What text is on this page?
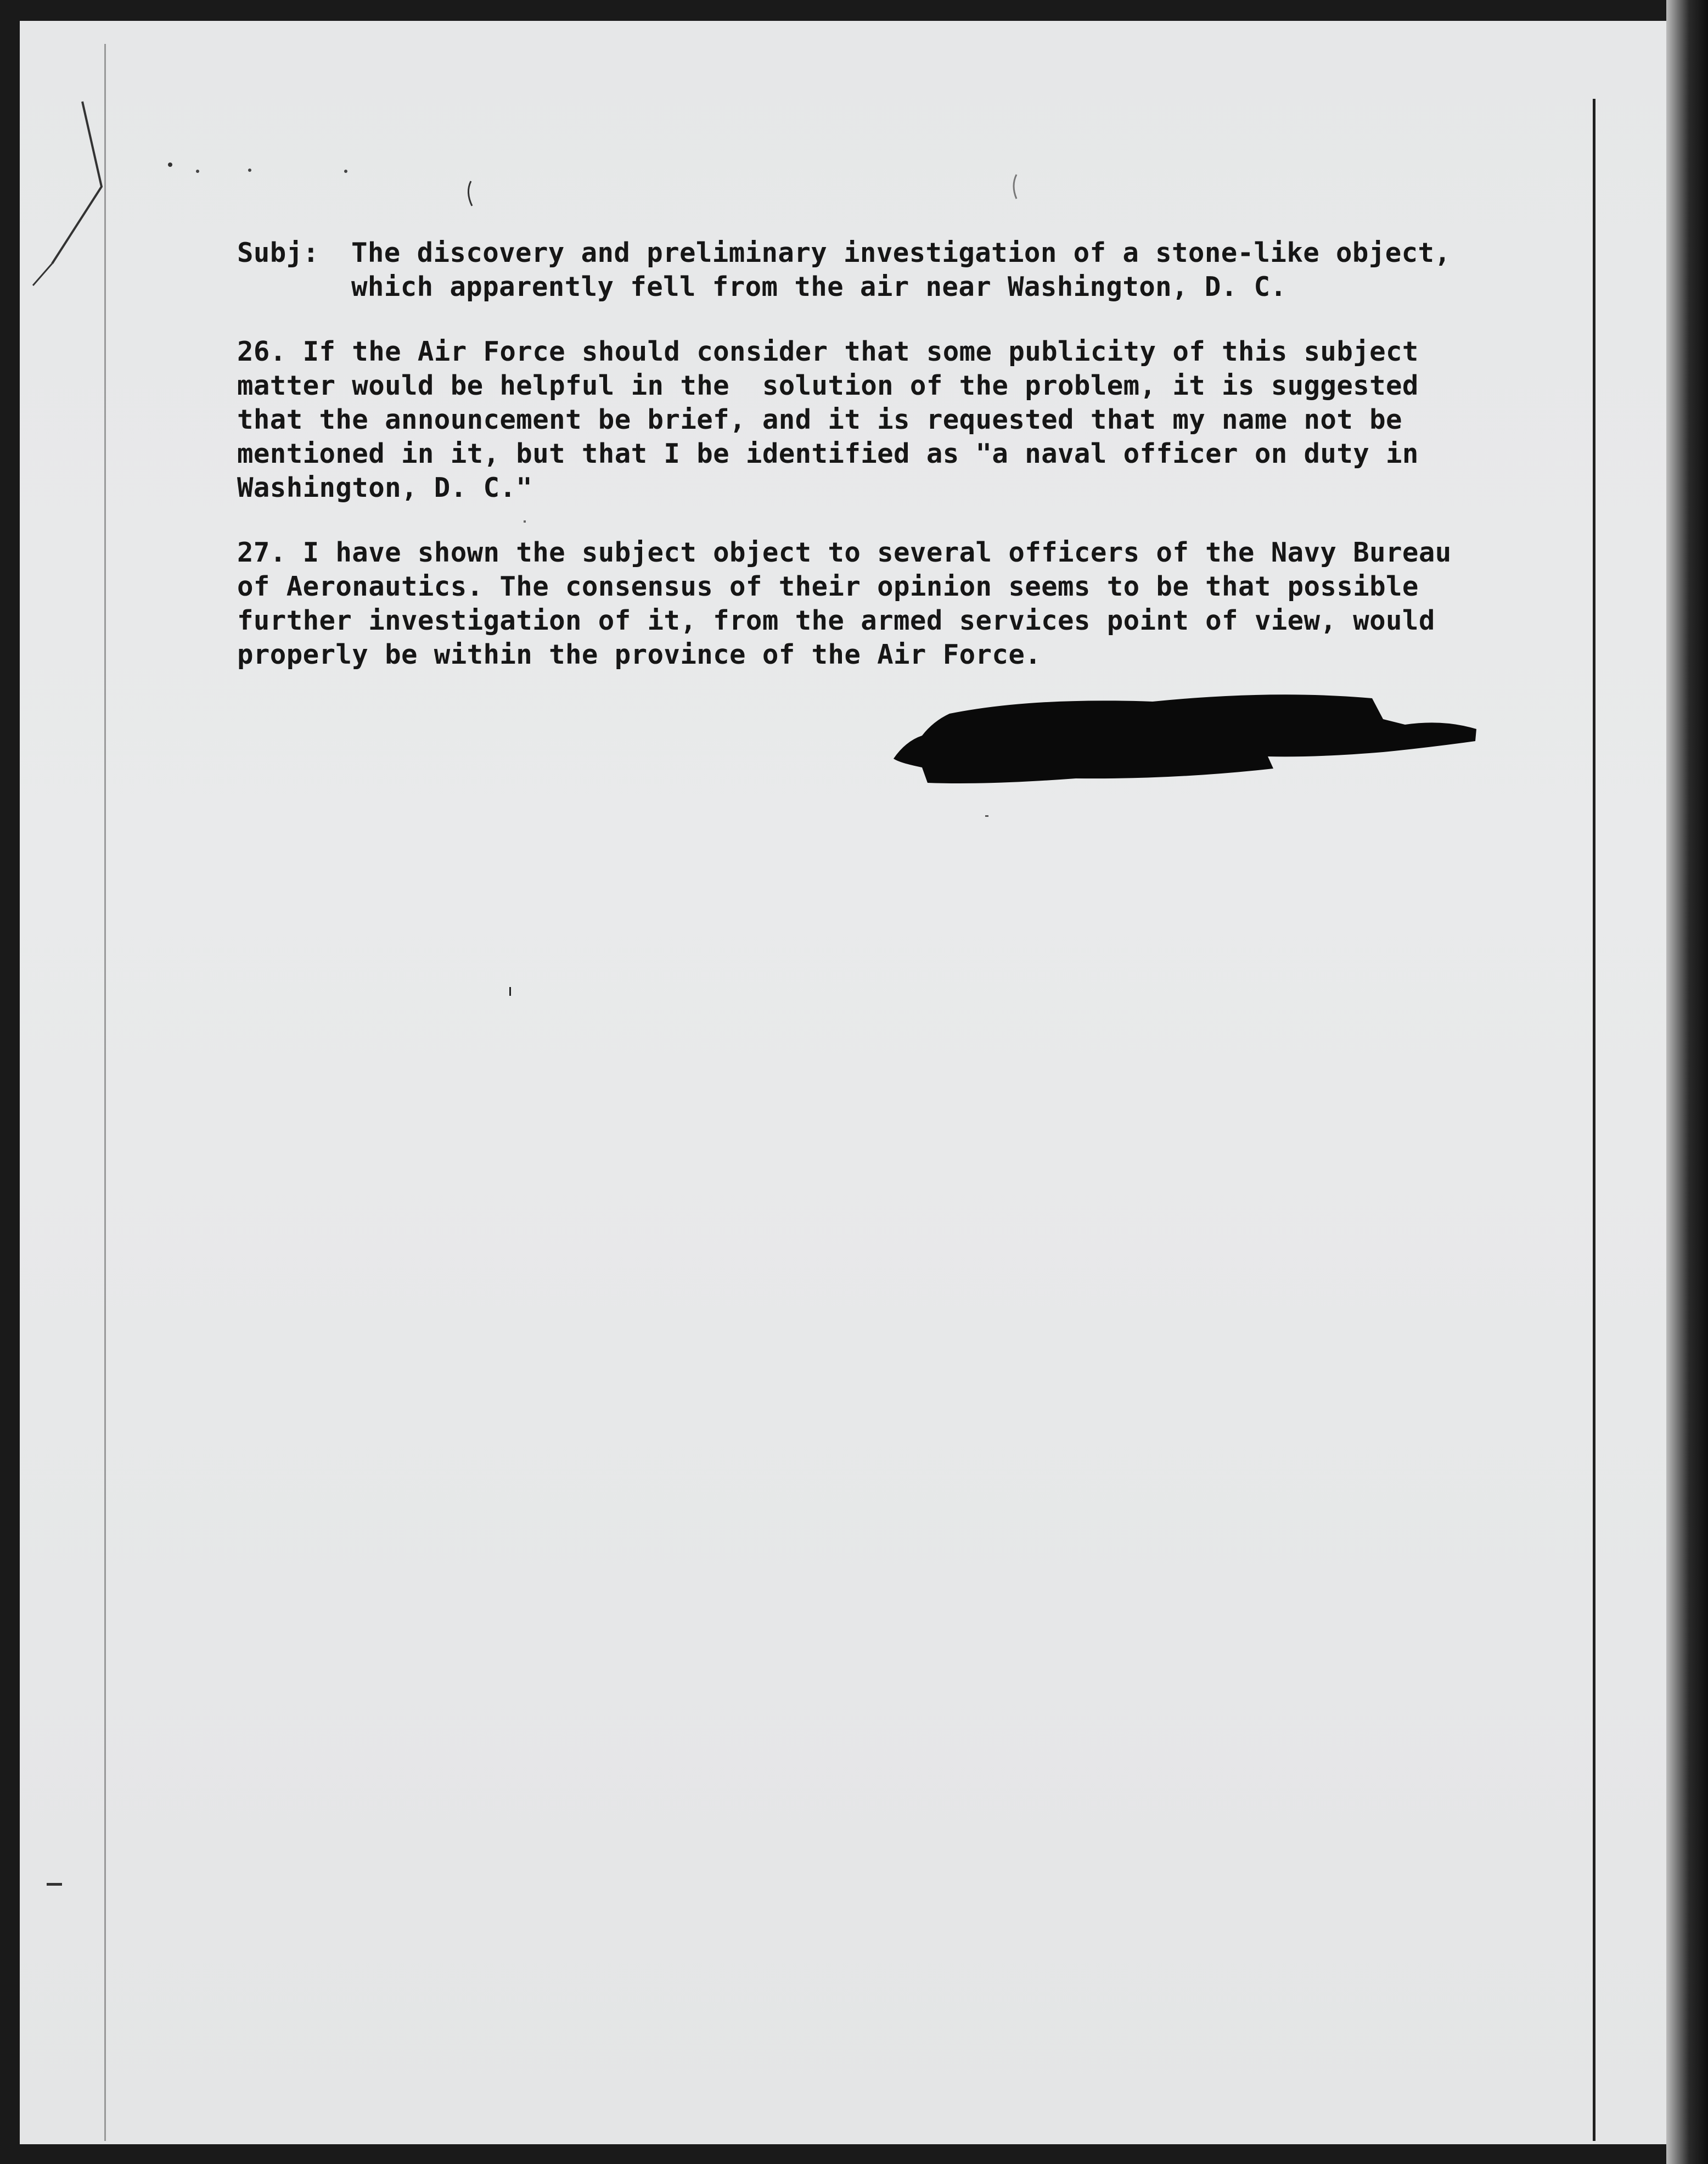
Subj: The discovery and preliminary investigation of a stone-like object,
which apparently fell from the air near Washington, D. C.
26. If the Air Force should consider that some publicity of this subject
matter would be helpful in the  solution of the problem, it is suggested
that the announcement be brief, and it is requested that my name not be
mentioned in it, but that I be identified as "a naval officer on duty in
Washington, D. C."
27. I have shown the subject object to several officers of the Navy Bureau
of Aeronautics. The consensus of their opinion seems to be that possible
further investigation of it, from the armed services point of view, would
properly be within the province of the Air Force.
